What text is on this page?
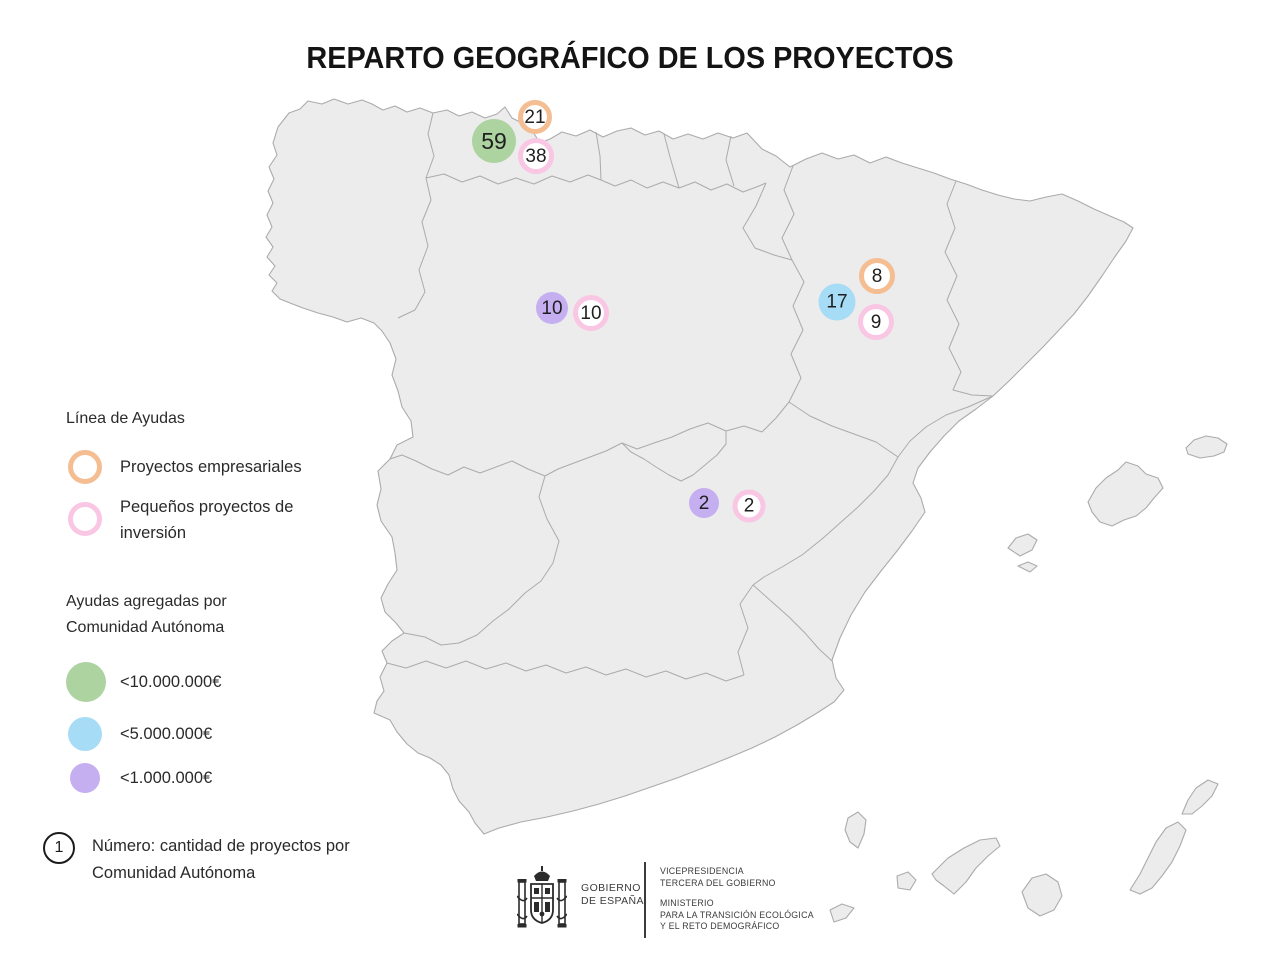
REPARTO GEOGRÁFICO DE LOS PROYECTOS
21
59
38
8
17
9
10 10
2	2
Línea de Ayudas
Proyectos empresariales
Pequeños proyectos de inversión
Ayudas agregadas por Comunidad Autónoma
<10.000.000€
<5.000.000€
<1.000.000€
1 Número: cantidad de proyectos por Comunidad Autónoma
GOBIERNO
DE ESPAÑA
VICEPRESIDENCIA
TERCERA DEL GOBIERNO
MINISTERIO
PARA LA TRANSICIÓN ECOLÓGICA
Y EL RETO DEMOGRÁFICO
